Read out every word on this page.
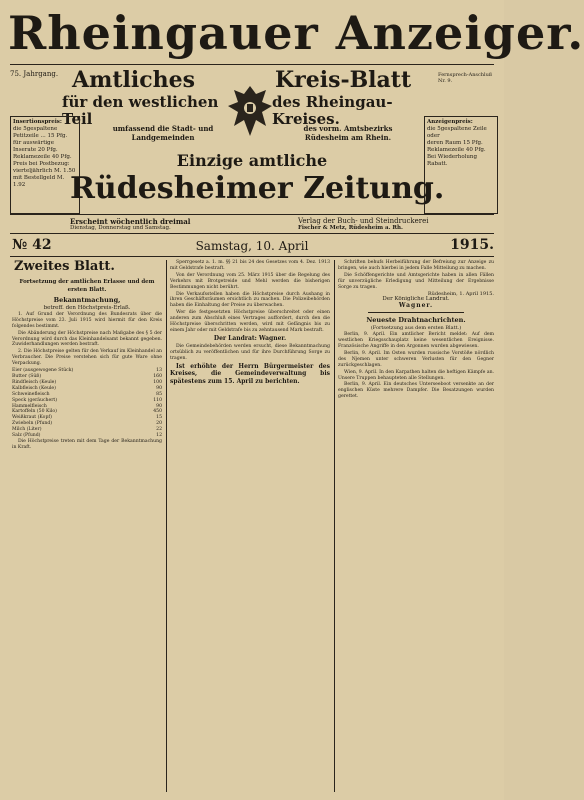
Rheingauer Anzeiger.
75. Jahrgang. Amtliches	Kreis-Blatt	Fernsprech-Anschluß Nr. 9.
für den westlichen Teil
des Rheingau-Kreises.
Insertionspreis:
die 5gespaltene Petitzeile ... 15 Pfg.
für auswärtige Inserate 20 Pfg.
Reklamezeile 40 Pfg.
Preis bei Postbezug: vierteljährlich M. 1.50
mit Bestellgeld M. 1.92
Anzeigenpreis:
die 5gespaltene Zeile oder
deren Raum 15 Pfg.
Reklamezeile 40 Pfg.
Bei Wiederholung Rabatt.
umfassend die Stadt- und Landgemeinden
des vorm. Amtsbezirks Rüdesheim am Rhein.
Einzige amtliche
Rüdesheimer Zeitung.
Erscheint wöchentlich dreimal
Dienstag, Donnerstag und Samstag.
Verlag der Buch- und Steindruckerei
Fischer & Metz, Rüdesheim a. Rh.
№ 42	Samstag, 10. April	1915.
Zweites Blatt.
Fortsetzung der amtlichen Erlasse und dem ersten Blatt.
Bekanntmachung,
betreff. den Höchstpreis-Erlaß.

1. Auf Grund der Verordnung des Bundesrats über die Höchstpreise vom 23. Juli 1915 wird hiermit für den Kreis folgendes bestimmt.

Die Abänderung der Höchstpreise nach Maßgabe des § 5 der Verordnung wird durch das Kleinhandelsamt bekannt gegeben. Zuwiderhandlungen werden bestraft.

2. Die Höchstpreise gelten für den Verkauf im Kleinhandel an Verbraucher. Die Preise verstehen sich für gute Ware ohne Verpackung.

Eier (ausgewogene Stück)	13
Butter (Süß)	160
Rindfleisch (Keule)	100
Kalbfleisch (Keule)	90
Schweinefleisch	85
Speck (geräuchert)	110
Hammelfleisch	90
Kartoffeln (50 Kilo)	450
Weißkraut (Kopf)	15
Zwiebeln (Pfund)	20
Milch (Liter)	22
Salz (Pfund)	12

Die Höchstpreise treten mit dem Tage der Bekanntmachung in Kraft.

Sperrgesetz a. 1. m. §§ 21 bis 24 des Gesetzes vom 4. Dez. 1913 mit Geldstrafe bestraft.

Von der Verordnung vom 25. März 1915 über die Regelung des Verkehrs mit Brotgetreide und Mehl werden die bisherigen Bestimmungen nicht berührt.

Die Verkaufsstellen haben die Höchstpreise durch Aushang in ihren Geschäftsräumen ersichtlich zu machen. Die Polizeibehörden haben die Einhaltung der Preise zu überwachen.

Wer die festgesetzten Höchstpreise überschreitet oder einen anderen zum Abschluß eines Vertrages auffordert, durch den die Höchstpreise überschritten werden, wird mit Gefängnis bis zu einem Jahr oder mit Geldstrafe bis zu zehntausend Mark bestraft.

Der Landrat: Wagner.

Die Gemeindebehörden werden ersucht, diese Bekanntmachung ortsüblich zu veröffentlichen und für ihre Durchführung Sorge zu tragen.

Ist erhöhte der Herrn Bürgermeister des Kreises, die Gemeindeverwaltung bis spätestens zum 15. April zu berichten.

Schriften behufs Herbeiführung der Befreiung zur Anzeige zu bringen, wie auch hierbei in jedem Falle Mitteilung zu machen.

Die Schöffengerichte und Amtsgerichte haben in allen Fällen für unverzügliche Erledigung und Mitteilung der Ergebnisse Sorge zu tragen.

Rüdesheim, 1. April 1915.
Der Königliche Landrat.
Wagner.
Neueste Drahtnachrichten.
(Fortsetzung aus dem ersten Blatt.)

Berlin, 9. April. Ein amtlicher Bericht meldet: Auf dem westlichen Kriegsschauplatz keine wesentlichen Ereignisse. Französische Angriffe in den Argonnen wurden abgewiesen.

Berlin, 9. April. Im Osten wurden russische Vorstöße nördlich des Njemen unter schweren Verlusten für den Gegner zurückgeschlagen.

Wien, 9. April. In den Karpathen halten die heftigen Kämpfe an. Unsere Truppen behaupteten alle Stellungen.

Berlin, 9. April. Ein deutsches Unterseeboot versenkte an der englischen Küste mehrere Dampfer. Die Besatzungen wurden gerettet.
